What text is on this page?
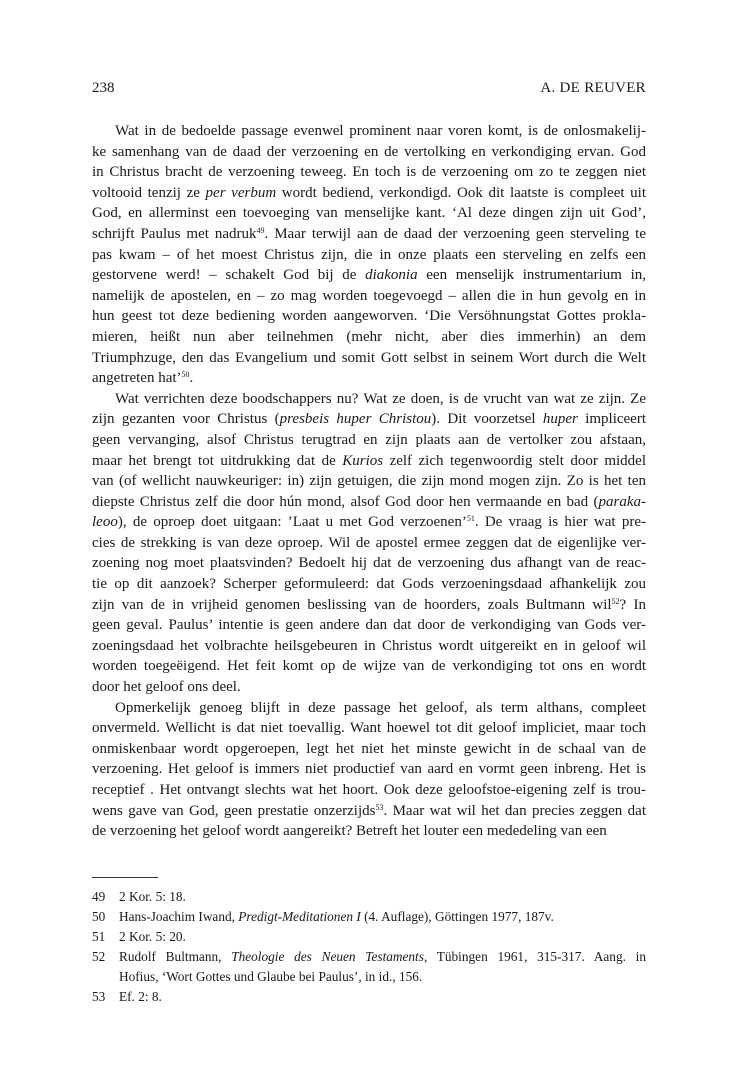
238	A. DE REUVER
Wat in de bedoelde passage evenwel prominent naar voren komt, is de onlosmakelij-
ke samenhang van de daad der verzoening en de vertolking en verkondiging ervan. God
in Christus bracht de verzoening teweeg. En toch is de verzoening om zo te zeggen niet
voltooid tenzij ze per verbum wordt bediend, verkondigd. Ook dit laatste is compleet uit
God, en allerminst een toevoeging van menselijke kant. ‘Al deze dingen zijn uit God’,
schrijft Paulus met nadruk$^{49}$. Maar terwijl aan de daad der verzoening geen sterveling te
pas kwam – of het moest Christus zijn, die in onze plaats een sterveling en zelfs een
gestorvene werd! – schakelt God bij de diakonia een menselijk instrumentarium in,
namelijk de apostelen, en – zo mag worden toegevoegd – allen die in hun gevolg en in
hun geest tot deze bediening worden aangeworven. ‘Die Versöhnungstat Gottes prokla-
mieren, heißt nun aber teilnehmen (mehr nicht, aber dies immerhin) an dem
Triumphzuge, den das Evangelium und somit Gott selbst in seinem Wort durch die Welt
angetreten hat’$^{50}$.
Wat verrichten deze boodschappers nu? Wat ze doen, is de vrucht van wat ze zijn. Ze
zijn gezanten voor Christus (presbeis huper Christou). Dit voorzetsel huper impliceert
geen vervanging, alsof Christus terugtrad en zijn plaats aan de vertolker zou afstaan,
maar het brengt tot uitdrukking dat de Kurios zelf zich tegenwoordig stelt door middel
van (of wellicht nauwkeuriger: in) zijn getuigen, die zijn mond mogen zijn. Zo is het ten
diepste Christus zelf die door hún mond, alsof God door hen vermaande en bad (paraka-
leoo), de oproep doet uitgaan: ’Laat u met God verzoenen’$^{51}$. De vraag is hier wat pre-
cies de strekking is van deze oproep. Wil de apostel ermee zeggen dat de eigenlijke ver-
zoening nog moet plaatsvinden? Bedoelt hij dat de verzoening dus afhangt van de reac-
tie op dit aanzoek? Scherper geformuleerd: dat Gods verzoeningsdaad afhankelijk zou
zijn van de in vrijheid genomen beslissing van de hoorders, zoals Bultmann wil$^{52}$? In
geen geval. Paulus’ intentie is geen andere dan dat door de verkondiging van Gods ver-
zoeningsdaad het volbrachte heilsgebeuren in Christus wordt uitgereikt en in geloof wil
worden toegeëigend. Het feit komt op de wijze van de verkondiging tot ons en wordt
door het geloof ons deel.
Opmerkelijk genoeg blijft in deze passage het geloof, als term althans, compleet
onvermeld. Wellicht is dat niet toevallig. Want hoewel tot dit geloof impliciet, maar toch
onmiskenbaar wordt opgeroepen, legt het niet het minste gewicht in de schaal van de
verzoening. Het geloof is immers niet productief van aard en vormt geen inbreng. Het is
receptief . Het ontvangt slechts wat het hoort. Ook deze geloofstoe-eigening zelf is trou-
wens gave van God, geen prestatie onzerzijds$^{53}$. Maar wat wil het dan precies zeggen dat
de verzoening het geloof wordt aangereikt? Betreft het louter een mededeling van een
49 2 Kor. 5: 18.
50 Hans-Joachim Iwand, Predigt-Meditationen I (4. Auflage), Göttingen 1977, 187v.
51 2 Kor. 5: 20.
52 Rudolf Bultmann, Theologie des Neuen Testaments, Tübingen 1961, 315-317. Aang. in
Hofius, ‘Wort Gottes und Glaube bei Paulus’, in id., 156.
53 Ef. 2: 8.
